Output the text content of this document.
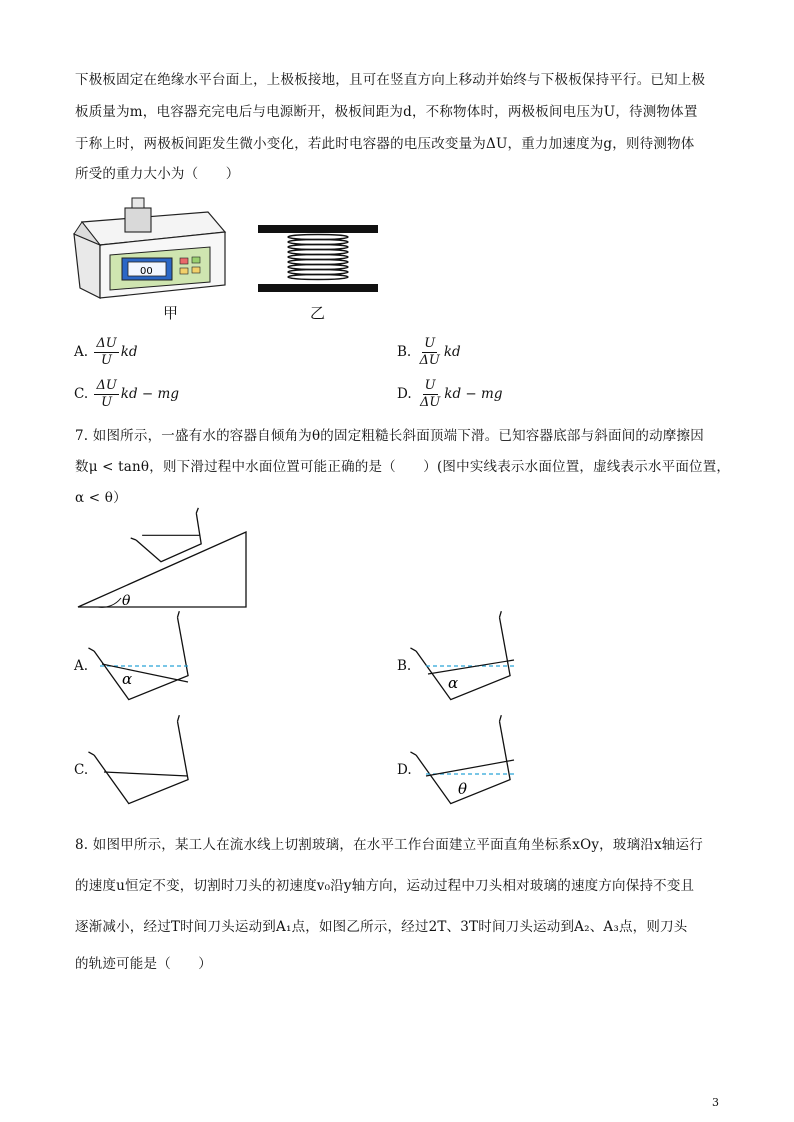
下极板固定在绝缘水平台面上，上极板接地，且可在竖直方向上移动并始终与下极板保持平行。已知上极
板质量为m，电容器充完电后与电源断开，极板间距为d，不称物体时，两极板间电压为U，待测物体置
于称上时，两极板间距发生微小变化，若此时电容器的电压改变量为ΔU，重力加速度为g，则待测物体
所受的重力大小为（　　）
00
甲	乙
A. $\frac{\Delta U}{U}$ kd	B. $\frac{U}{\Delta U}$ kd
C. $\frac{\Delta U}{U}$ kd − mg	D. $\frac{U}{\Delta U}$ kd − mg
7. 如图所示，一盛有水的容器自倾角为θ的固定粗糙长斜面顶端下滑。已知容器底部与斜面间的动摩擦因
数μ < tanθ，则下滑过程中水面位置可能正确的是（　　）(图中实线表示水面位置，虚线表示水平面位置，
α < θ）
θ
α
A.
α
B.
C.
θ
D.
8. 如图甲所示，某工人在流水线上切割玻璃，在水平工作台面建立平面直角坐标系xOy，玻璃沿x轴运行
的速度u恒定不变，切割时刀头的初速度v₀沿y轴方向，运动过程中刀头相对玻璃的速度方向保持不变且
逐渐减小，经过T时间刀头运动到A₁点，如图乙所示，经过2T、3T时间刀头运动到A₂、A₃点，则刀头
的轨迹可能是（　　）
3
